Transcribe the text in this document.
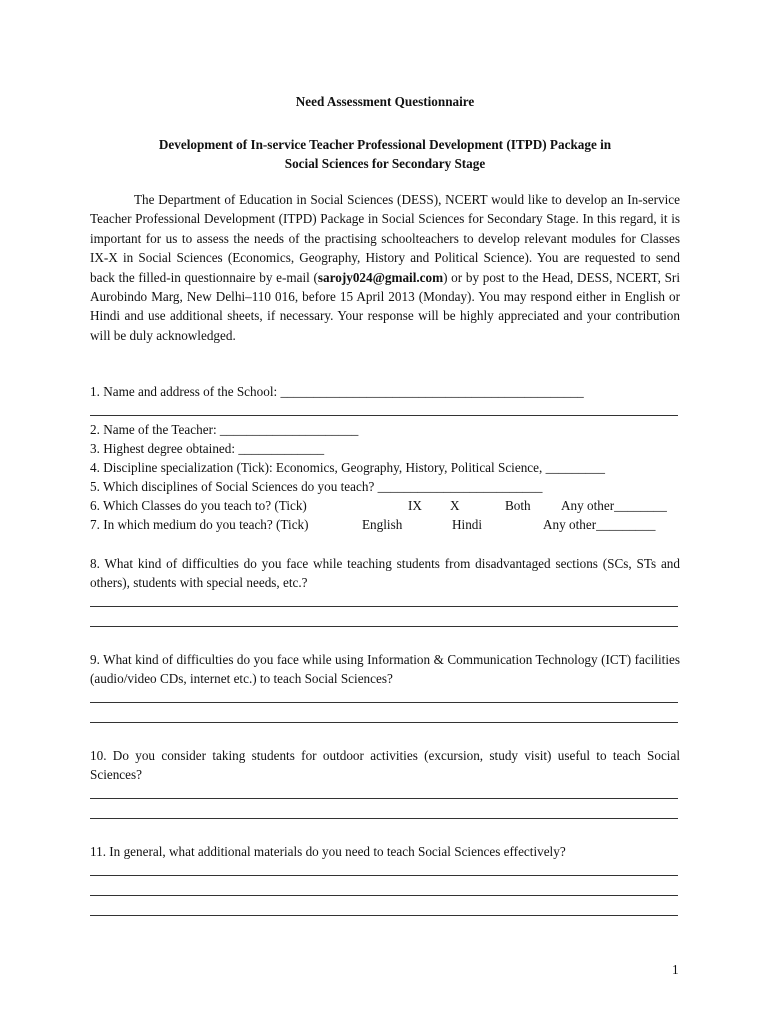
Need Assessment Questionnaire
Development of In-service Teacher Professional Development (ITPD) Package in
Social Sciences for Secondary Stage
The Department of Education in Social Sciences (DESS), NCERT would like to develop an In-service Teacher Professional Development (ITPD) Package in Social Sciences for Secondary Stage. In this regard, it is important for us to assess the needs of the practising schoolteachers to develop relevant modules for Classes IX-X in Social Sciences (Economics, Geography, History and Political Science). You are requested to send back the filled-in questionnaire by e-mail (sarojy024@gmail.com) or by post to the Head, DESS, NCERT, Sri Aurobindo Marg, New Delhi–110 016, before 15 April 2013 (Monday). You may respond either in English or Hindi and use additional sheets, if necessary. Your response will be highly appreciated and your contribution will be duly acknowledged.
1. Name and address of the School: ______________________________________________
2. Name of the Teacher: _____________________
3. Highest degree obtained: _____________
4. Discipline specialization (Tick): Economics, Geography, History, Political Science, _________
5. Which disciplines of Social Sciences do you teach? _________________________
6. Which Classes do you teach to? (Tick)	IX X	Both Any other________
7. In which medium do you teach? (Tick)	English	Hindi	Any other_________
8. What kind of difficulties do you face while teaching students from disadvantaged sections (SCs, STs and others), students with special needs, etc.?
9. What kind of difficulties do you face while using Information & Communication Technology (ICT) facilities (audio/video CDs, internet etc.) to teach Social Sciences?
10. Do you consider taking students for outdoor activities (excursion, study visit) useful to teach Social Sciences?
11. In general, what additional materials do you need to teach Social Sciences effectively?
1
